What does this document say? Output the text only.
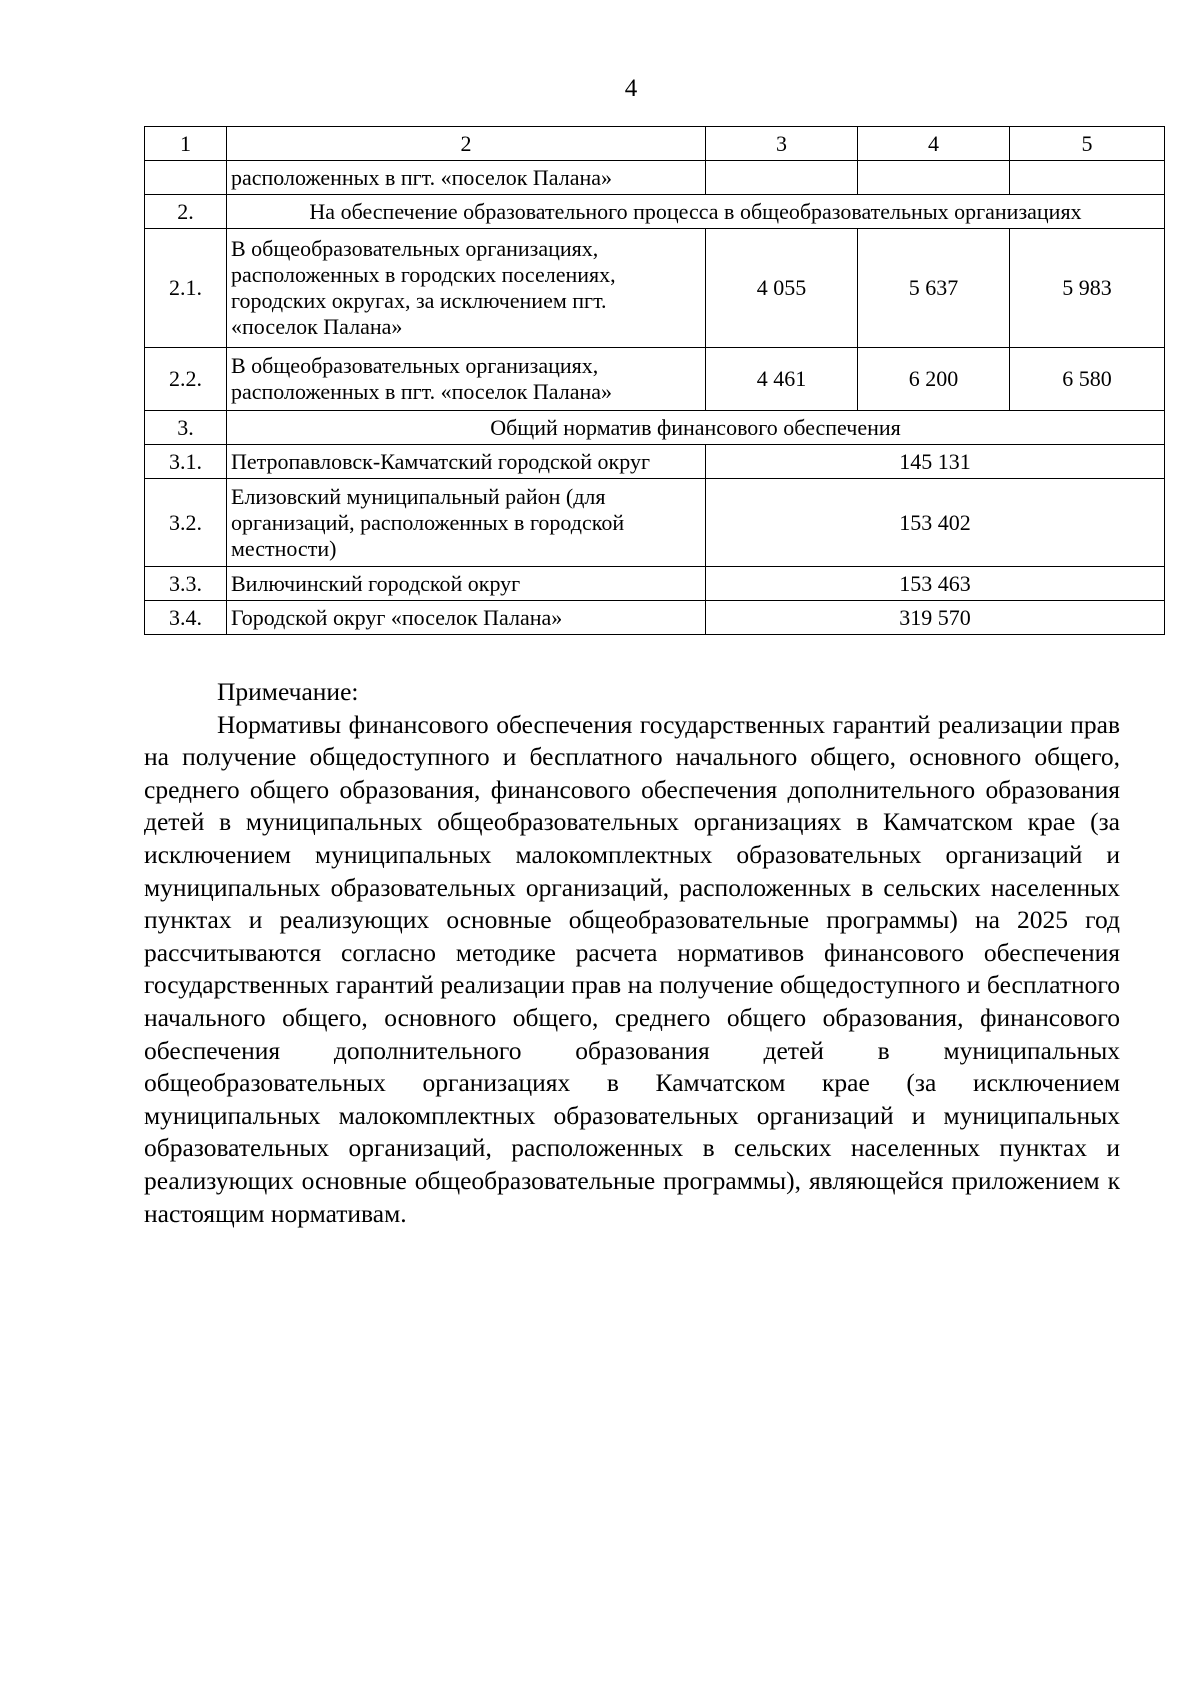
4
1	2	3	4	5
	расположенных в пгт. «поселок Палана»			
2.	На обеспечение образовательного процесса в общеобразовательных организациях			
2.1.	В общеобразовательных организациях,
расположенных в городских поселениях,
городских округах, за исключением пгт.
«поселок Палана»	4 055	5 637	5 983
2.2.	В общеобразовательных организациях,
расположенных в пгт. «поселок Палана»	4 461	6 200	6 580
3.	Общий норматив финансового обеспечения			
3.1.	Петропавловск-Камчатский городской округ	145 131		
3.2.	Елизовский муниципальный район (для
организаций, расположенных в городской
местности)	153 402		
3.3.	Вилючинский городской округ	153 463		
3.4.	Городской округ «поселок Палана»	319 570		

Примечание:

Нормативы финансового обеспечения государственных гарантий реализации прав на получение общедоступного и бесплатного начального общего, основного общего, среднего общего образования, финансового обеспечения дополнительного образования детей в муниципальных общеобразовательных организациях в Камчатском крае (за исключением муниципальных малокомплектных образовательных организаций и муниципальных образовательных организаций, расположенных в сельских населенных пунктах и реализующих основные общеобразовательные программы) на 2025 год рассчитываются согласно методике расчета нормативов финансового обеспечения государственных гарантий реализации прав на получение общедоступного и бесплатного начального общего, основного общего, среднего общего образования, финансового обеспечения дополнительного образования детей в муниципальных общеобразовательных организациях в Камчатском крае (за исключением муниципальных малокомплектных образовательных организаций и муниципальных образовательных организаций, расположенных в сельских населенных пунктах и реализующих основные общеобразовательные программы), являющейся приложением к настоящим нормативам.
